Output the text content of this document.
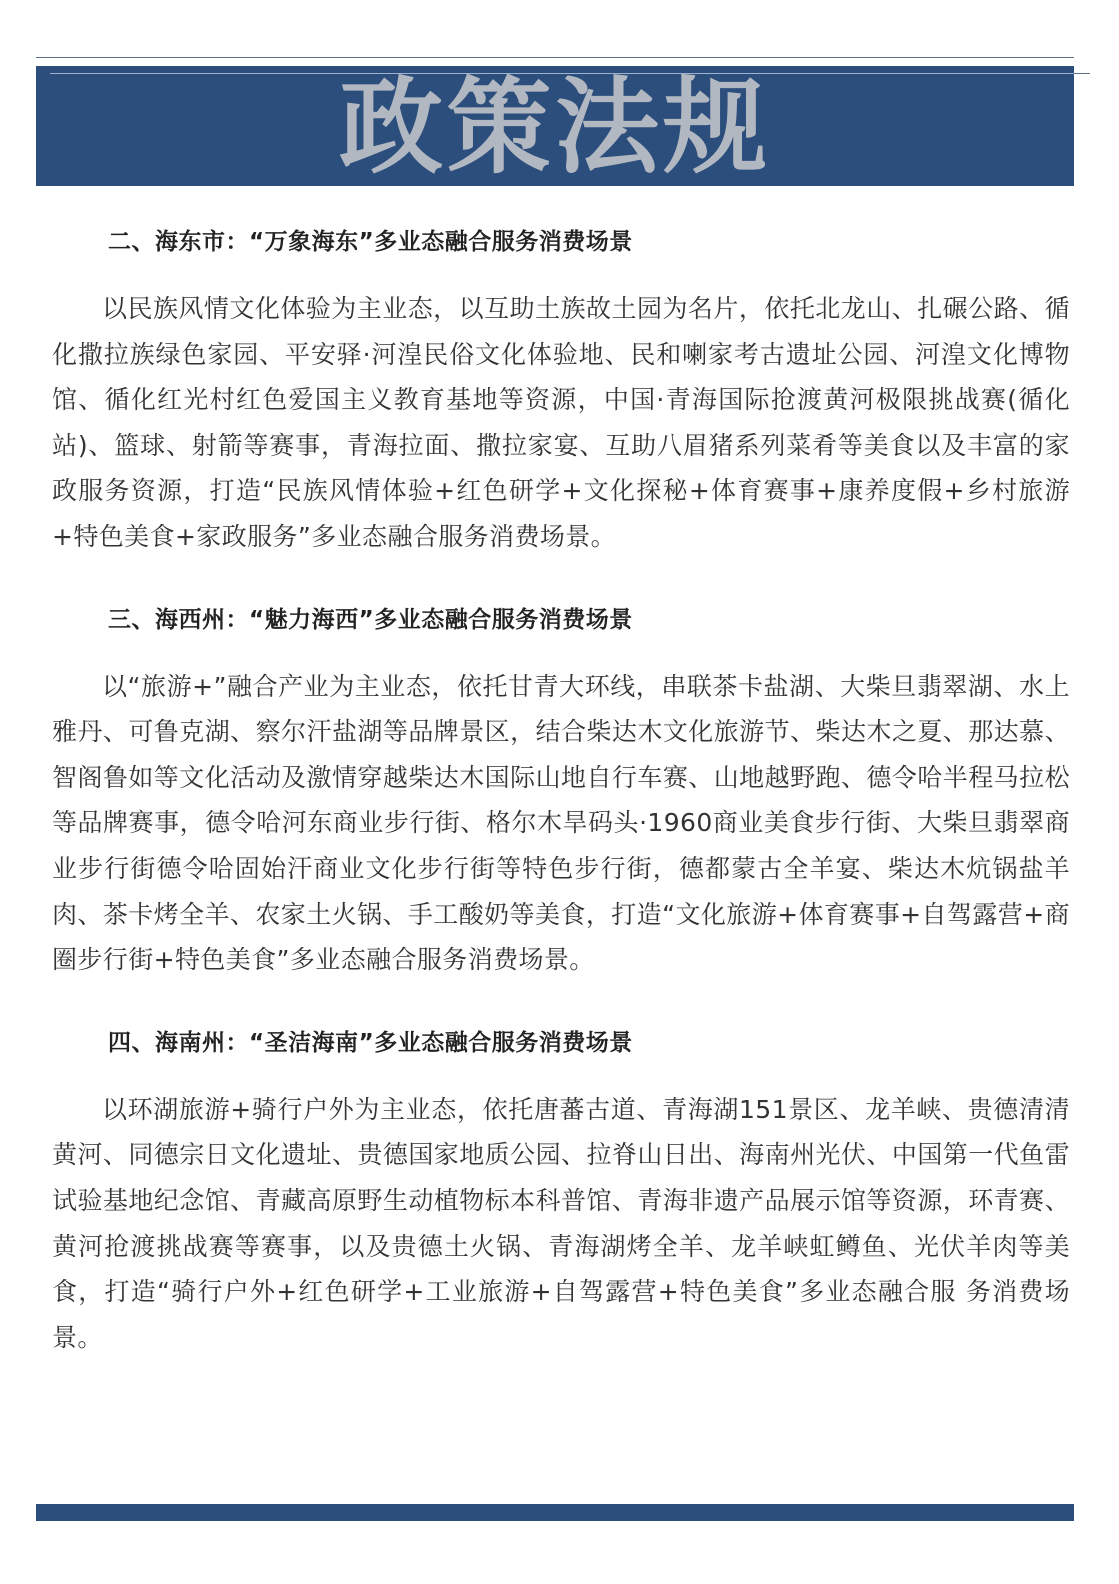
政策法规
二、海东市：“万象海东”多业态融合服务消费场景

以民族风情文化体验为主业态，以互助土族故土园为名片，依托北龙山、扎碾公路、循化撒拉族绿色家园、平安驿·河湟民俗文化体验地、民和喇家考古遗址公园、河湟文化博物馆、循化红光村红色爱国主义教育基地等资源，中国·青海国际抢渡黄河极限挑战赛(循化站)、篮球、射箭等赛事，青海拉面、撒拉家宴、互助八眉猪系列菜肴等美食以及丰富的家政服务资源，打造“民族风情体验+红色研学+文化探秘+体育赛事+康养度假+乡村旅游+特色美食+家政服务”多业态融合服务消费场景。

三、海西州：“魅力海西”多业态融合服务消费场景

以“旅游+”融合产业为主业态，依托甘青大环线，串联茶卡盐湖、大柴旦翡翠湖、水上雅丹、可鲁克湖、察尔汗盐湖等品牌景区，结合柴达木文化旅游节、柴达木之夏、那达慕、智阁鲁如等文化活动及激情穿越柴达木国际山地自行车赛、山地越野跑、德令哈半程马拉松等品牌赛事，德令哈河东商业步行街、格尔木旱码头·1960商业美食步行街、大柴旦翡翠商业步行街德令哈固始汗商业文化步行街等特色步行街，德都蒙古全羊宴、柴达木炕锅盐羊肉、茶卡烤全羊、农家土火锅、手工酸奶等美食，打造“文化旅游+体育赛事+自驾露营+商圈步行街+特色美食”多业态融合服务消费场景。

四、海南州：“圣洁海南”多业态融合服务消费场景

以环湖旅游+骑行户外为主业态，依托唐蕃古道、青海湖151景区、龙羊峡、贵德清清黄河、同德宗日文化遗址、贵德国家地质公园、拉脊山日出、海南州光伏、中国第一代鱼雷试验基地纪念馆、青藏高原野生动植物标本科普馆、青海非遗产品展示馆等资源，环青赛、黄河抢渡挑战赛等赛事，以及贵德土火锅、青海湖烤全羊、龙羊峡虹鳟鱼、光伏羊肉等美食，打造“骑行户外+红色研学+工业旅游+自驾露营+特色美食”多业态融合服 务消费场景。
